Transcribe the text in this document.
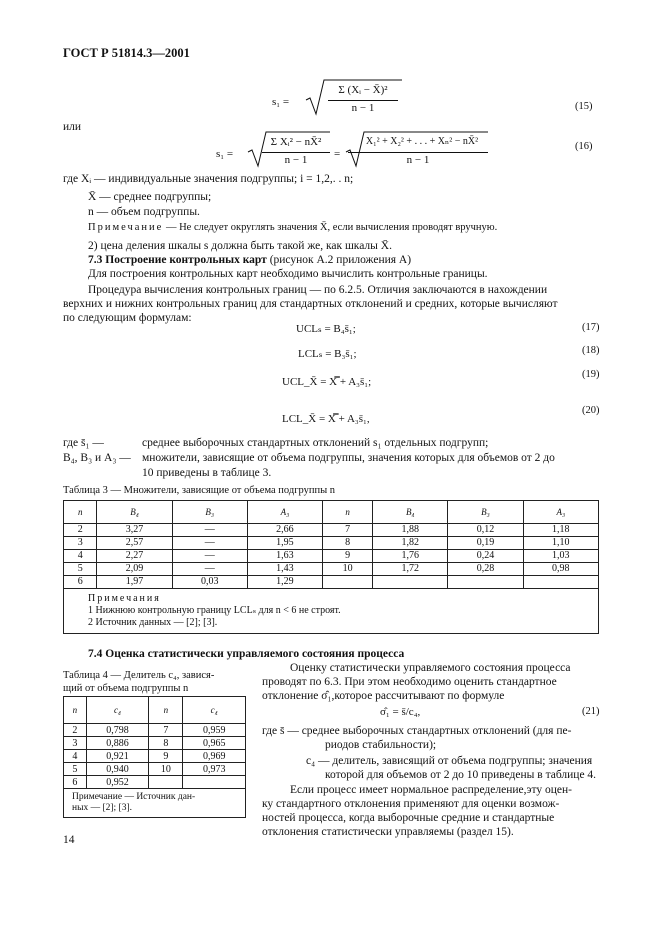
ГОСТ Р 51814.3—2001
s₁ =
Σ (Xᵢ − X̄)²
n − 1	(15)
или
s₁ =
Σ Xᵢ² − nX̄²
n − 1	=
X₁² + X₂² + . . . + Xₙ² − nX̄²
n − 1
(16)
где Xᵢ — индивидуальные значения подгруппы; i = 1,2,. . n;
X̄ — среднее подгруппы;
n — объем подгруппы.
Примечание — Не следует округлять значения X̄, если вычисления проводят вручную.
2) цена деления шкалы s должна быть такой же, как шкалы X̄.
7.3 Построение контрольных карт (рисунок А.2 приложения А)
Для построения контрольных карт необходимо вычислить контрольные границы.
Процедура вычисления контрольных границ — по 6.2.5. Отличия заключаются в нахождении
верхних и нижних контрольных границ для стандартных отклонений и средних, которые вычисляют
по следующим формулам:
UCLₛ = B₄s̄₁;	(17)
LCLₛ = B₃s̄₁;	(18)
UCL_X̄ = X̿ + A₃s̄₁;
(19)
LCL_X̄ = X̿ + A₃s̄₁,
(20)
где s̄₁ —	среднее выборочных стандартных отклонений s₁ отдельных подгрупп;
B₄, B₃ и A₃ — множители, зависящие от объема подгруппы, значения которых для объемов от 2 до
10 приведены в таблице 3.
Таблица 3 — Множители, зависящие от объема подгруппы n
n	B₄	B₃	A₃	n	B₄	B₃	A₃
2	3,27	—	2,66	7	1,88	0,12	1,18
3	2,57	—	1,95	8	1,82	0,19	1,10
4	2,27	—	1,63	9	1,76	0,24	1,03
5	2,09	—	1,43	10	1,72	0,28	0,98
6	1,97	0,03	1,29				

Примечания
1 Нижнюю контрольную границу LCLₛ для n < 6 не строят.
2 Источник данных — [2]; [3].							
7.4 Оценка статистически управляемого состояния процесса
Таблица 4 — Делитель c₄, завися-
щий от объема подгруппы n
n	c₄	n	c₄
2	0,798	7	0,959
3	0,886	8	0,965
4	0,921	9	0,969
5	0,940	10	0,973
6	0,952		

Примечание — Источник дан-
ных — [2]; [3].			
Оценку статистически управляемого состояния процесса
проводят по 6.3. При этом необходимо оценить стандартное
отклонение σ̂₁,которое рассчитывают по формуле
σ̂₁ = s̄/c₄,	(21)
где s̄ — среднее выборочных стандартных отклонений (для пе-
риодов стабильности);
c₄ — делитель, зависящий от объема подгруппы; значения
которой для объемов от 2 до 10 приведены в таблице 4.
Если процесс имеет нормальное распределение,эту оцен-
ку стандартного отклонения применяют для оценки возмож-
ностей процесса, когда выборочные средние и стандартные
отклонения статистически управляемы (раздел 15).
14
